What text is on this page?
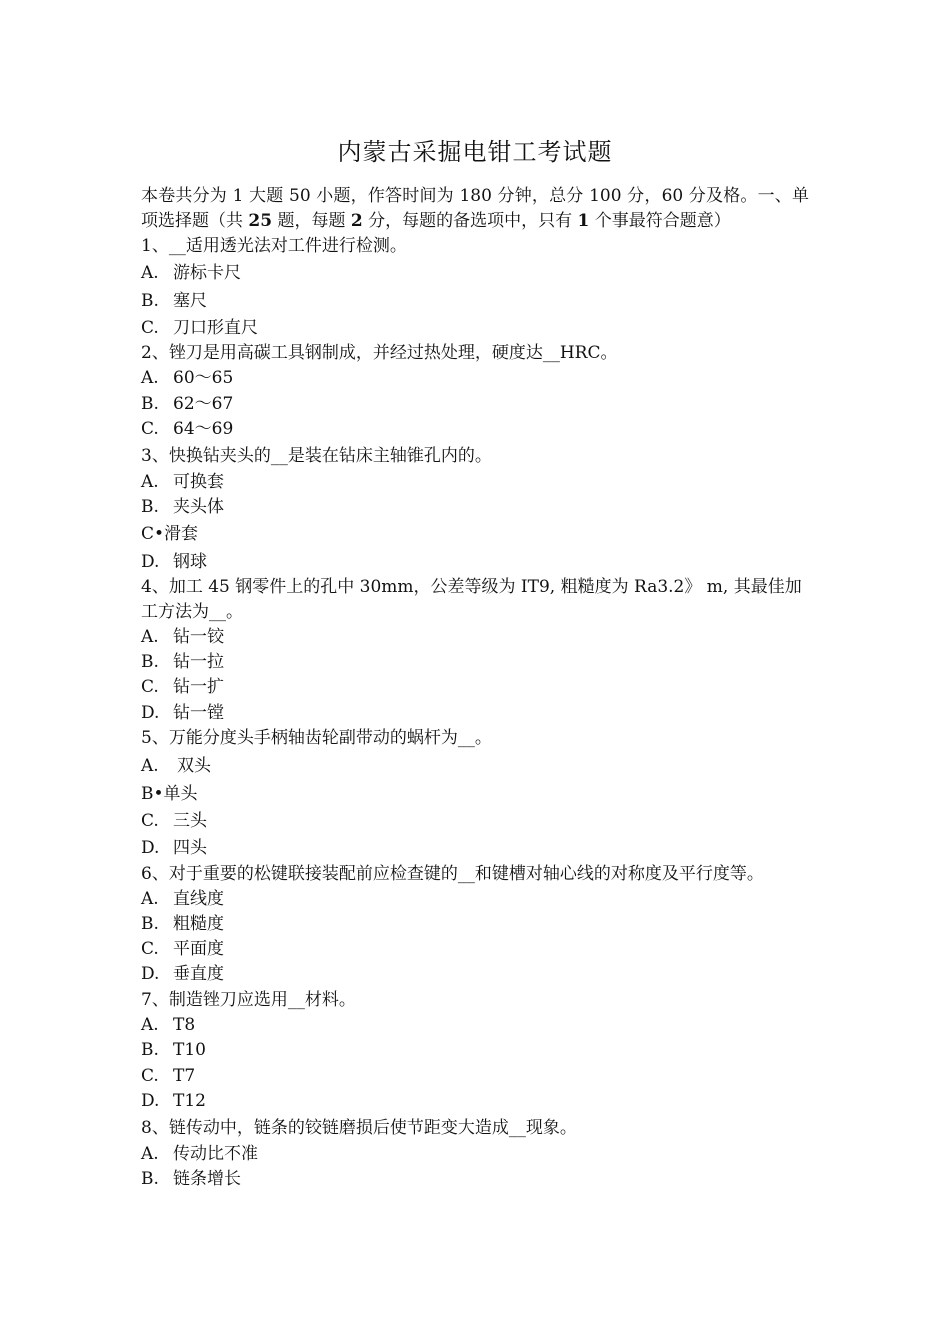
内蒙古采掘电钳工考试题

本卷共分为 1 大题 50 小题，作答时间为 180 分钟，总分 100 分，60 分及格。一、单项选择题（共 25 题，每题 2 分，每题的备选项中，只有 1 个事最符合题意）

1、__适用透光法对工件进行检测。

A. 游标卡尺

B. 塞尺

C. 刀口形直尺

2、锉刀是用高碳工具钢制成，并经过热处理，硬度达__HRC。

A. 60〜65

B. 62〜67

C. 64〜69

3、快换钻夹头的__是装在钻床主轴锥孔内的。

A. 可换套

B. 夹头体

C•滑套

D. 钢球

4、加工 45 钢零件上的孔中 30mm，公差等级为 IT9, 粗糙度为 Ra3.2》 m, 其最佳加工方法为__。

A. 钻一铰

B. 钻一拉

C. 钻一扩

D. 钻一镗

5、万能分度头手柄轴齿轮副带动的蜗杆为__。

A. 双头

B•单头

C. 三头

D. 四头

6、对于重要的松键联接装配前应检查键的__和键槽对轴心线的对称度及平行度等。

A. 直线度

B. 粗糙度

C. 平面度

D. 垂直度

7、制造锉刀应选用__材料。

A. T8

B. T10

C. T7

D. T12

8、链传动中，链条的铰链磨损后使节距变大造成__现象。

A. 传动比不准

B. 链条增长
